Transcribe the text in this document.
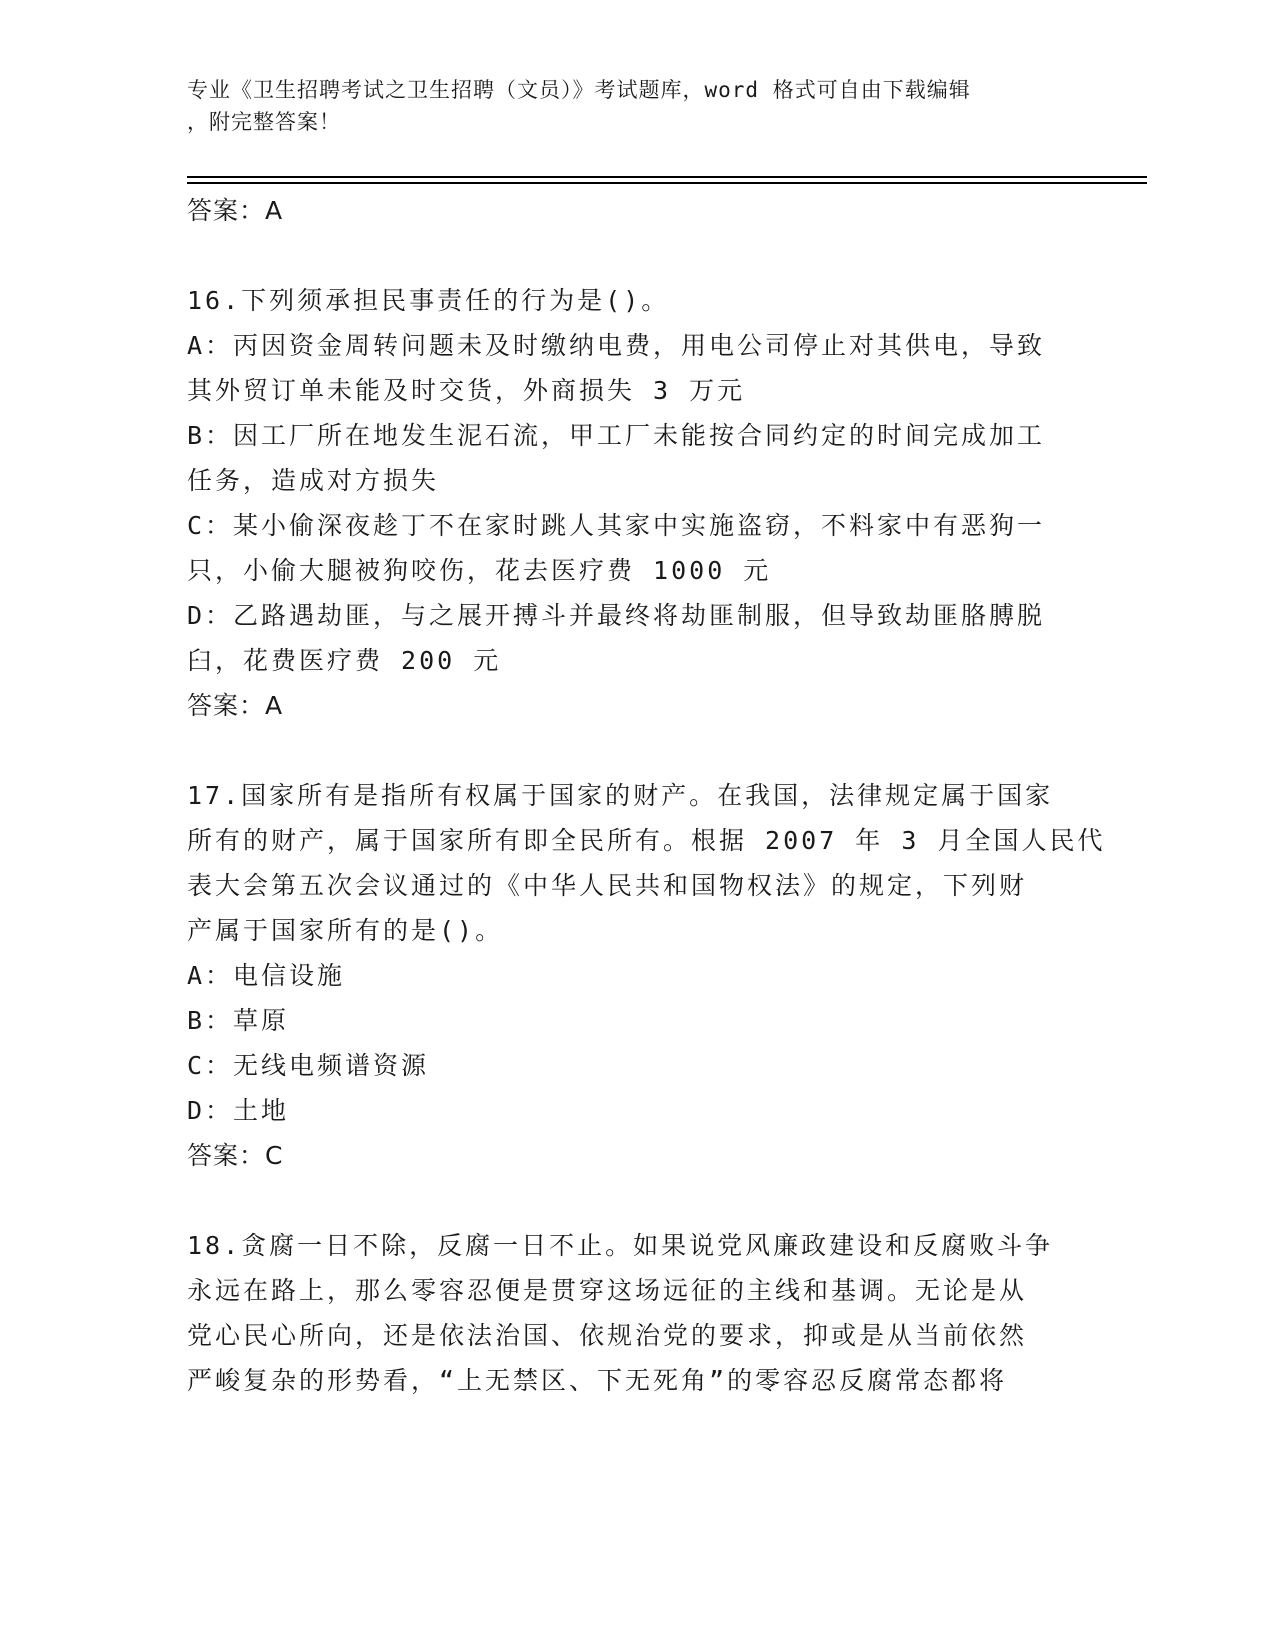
专业《卫生招聘考试之卫生招聘（文员）》考试题库，word 格式可自由下载编辑
，附完整答案！
答案：A
16.下列须承担民事责任的行为是()。
A：丙因资金周转问题未及时缴纳电费，用电公司停止对其供电，导致
其外贸订单未能及时交货，外商损失 3 万元
B：因工厂所在地发生泥石流，甲工厂未能按合同约定的时间完成加工
任务，造成对方损失
C：某小偷深夜趁丁不在家时跳人其家中实施盗窃，不料家中有恶狗一
只，小偷大腿被狗咬伤，花去医疗费 1000 元
D：乙路遇劫匪，与之展开搏斗并最终将劫匪制服，但导致劫匪胳膊脱
臼，花费医疗费 200 元
答案：A
17.国家所有是指所有权属于国家的财产。在我国，法律规定属于国家
所有的财产，属于国家所有即全民所有。根据 2007 年 3 月全国人民代
表大会第五次会议通过的《中华人民共和国物权法》的规定，下列财
产属于国家所有的是()。
A：电信设施
B：草原
C：无线电频谱资源
D：土地
答案：C
18.贪腐一日不除，反腐一日不止。如果说党风廉政建设和反腐败斗争
永远在路上，那么零容忍便是贯穿这场远征的主线和基调。无论是从
党心民心所向，还是依法治国、依规治党的要求，抑或是从当前依然
严峻复杂的形势看，“上无禁区、下无死角”的零容忍反腐常态都将
